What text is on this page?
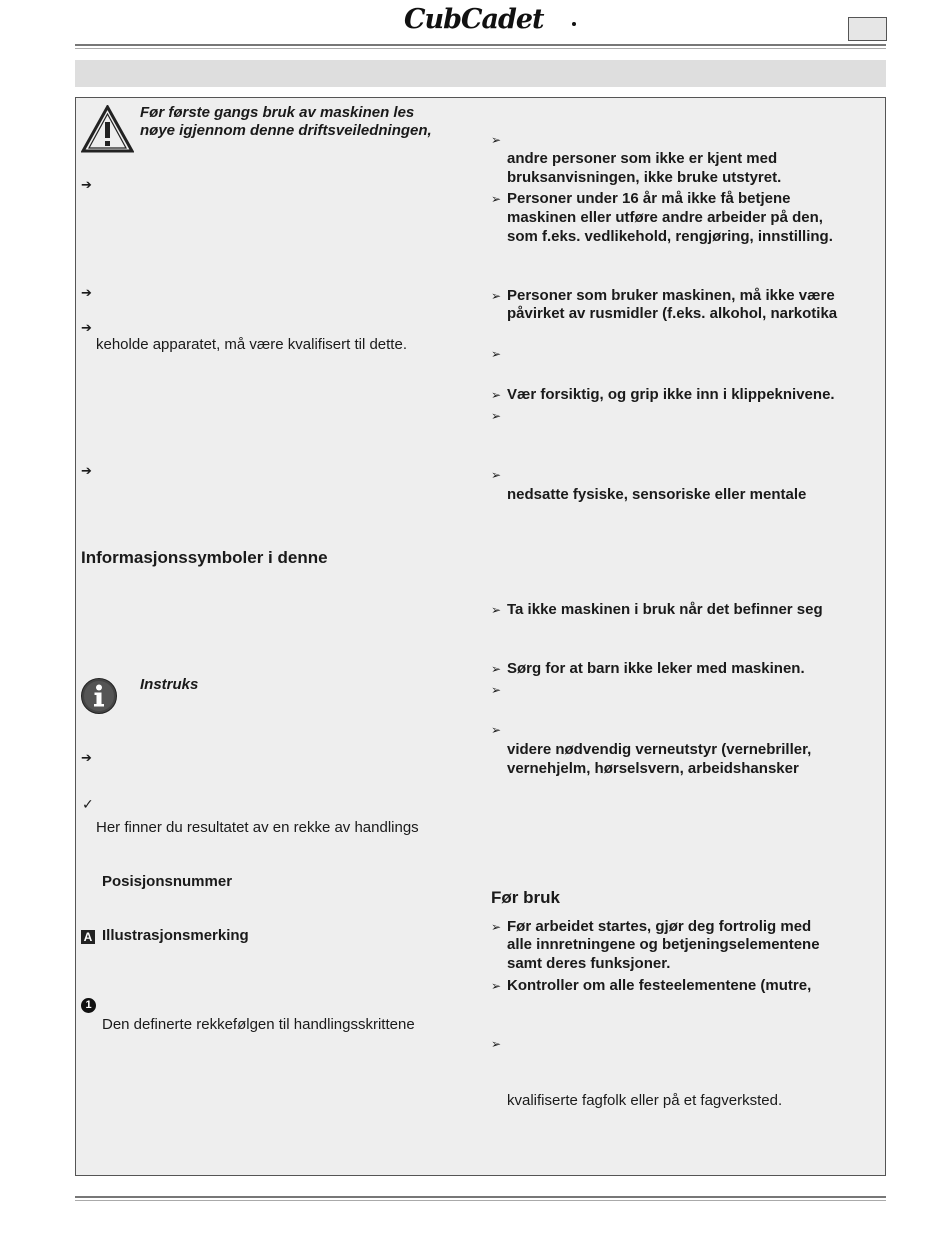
CubCadet
Før første gangs bruk av maskinen les
nøye igjennom denne driftsveiledningen,
➔
➔
➔
keholde apparatet, må være kvalifisert til dette.
➔
Informasjonssymboler i denne
Instruks
➔
✓
Her finner du resultatet av en rekke av handlings
Posisjonsnummer
A Illustrasjonsmerking
1
Den definerte rekkefølgen til handlingsskrittene
➢
andre personer som ikke er kjent med
bruksanvisningen, ikke bruke utstyret.
➢ Personer under 16 år må ikke få betjene
maskinen eller utføre andre arbeider på den,
som f.eks. vedlikehold, rengjøring, innstilling.
➢ Personer som bruker maskinen, må ikke være
påvirket av rusmidler (f.eks. alkohol, narkotika
➢
➢ Vær forsiktig, og grip ikke inn i klippeknivene.
➢
➢
nedsatte fysiske, sensoriske eller mentale
➢ Ta ikke maskinen i bruk når det befinner seg
➢ Sørg for at barn ikke leker med maskinen.
➢
➢
videre nødvendig verneutstyr (vernebriller,
vernehjelm, hørselsvern, arbeidshansker
Før bruk
➢ Før arbeidet startes, gjør deg fortrolig med
alle innretningene og betjeningselementene
samt deres funksjoner.
➢ Kontroller om alle festeelementene (mutre,
➢
kvalifiserte fagfolk eller på et fagverksted.
